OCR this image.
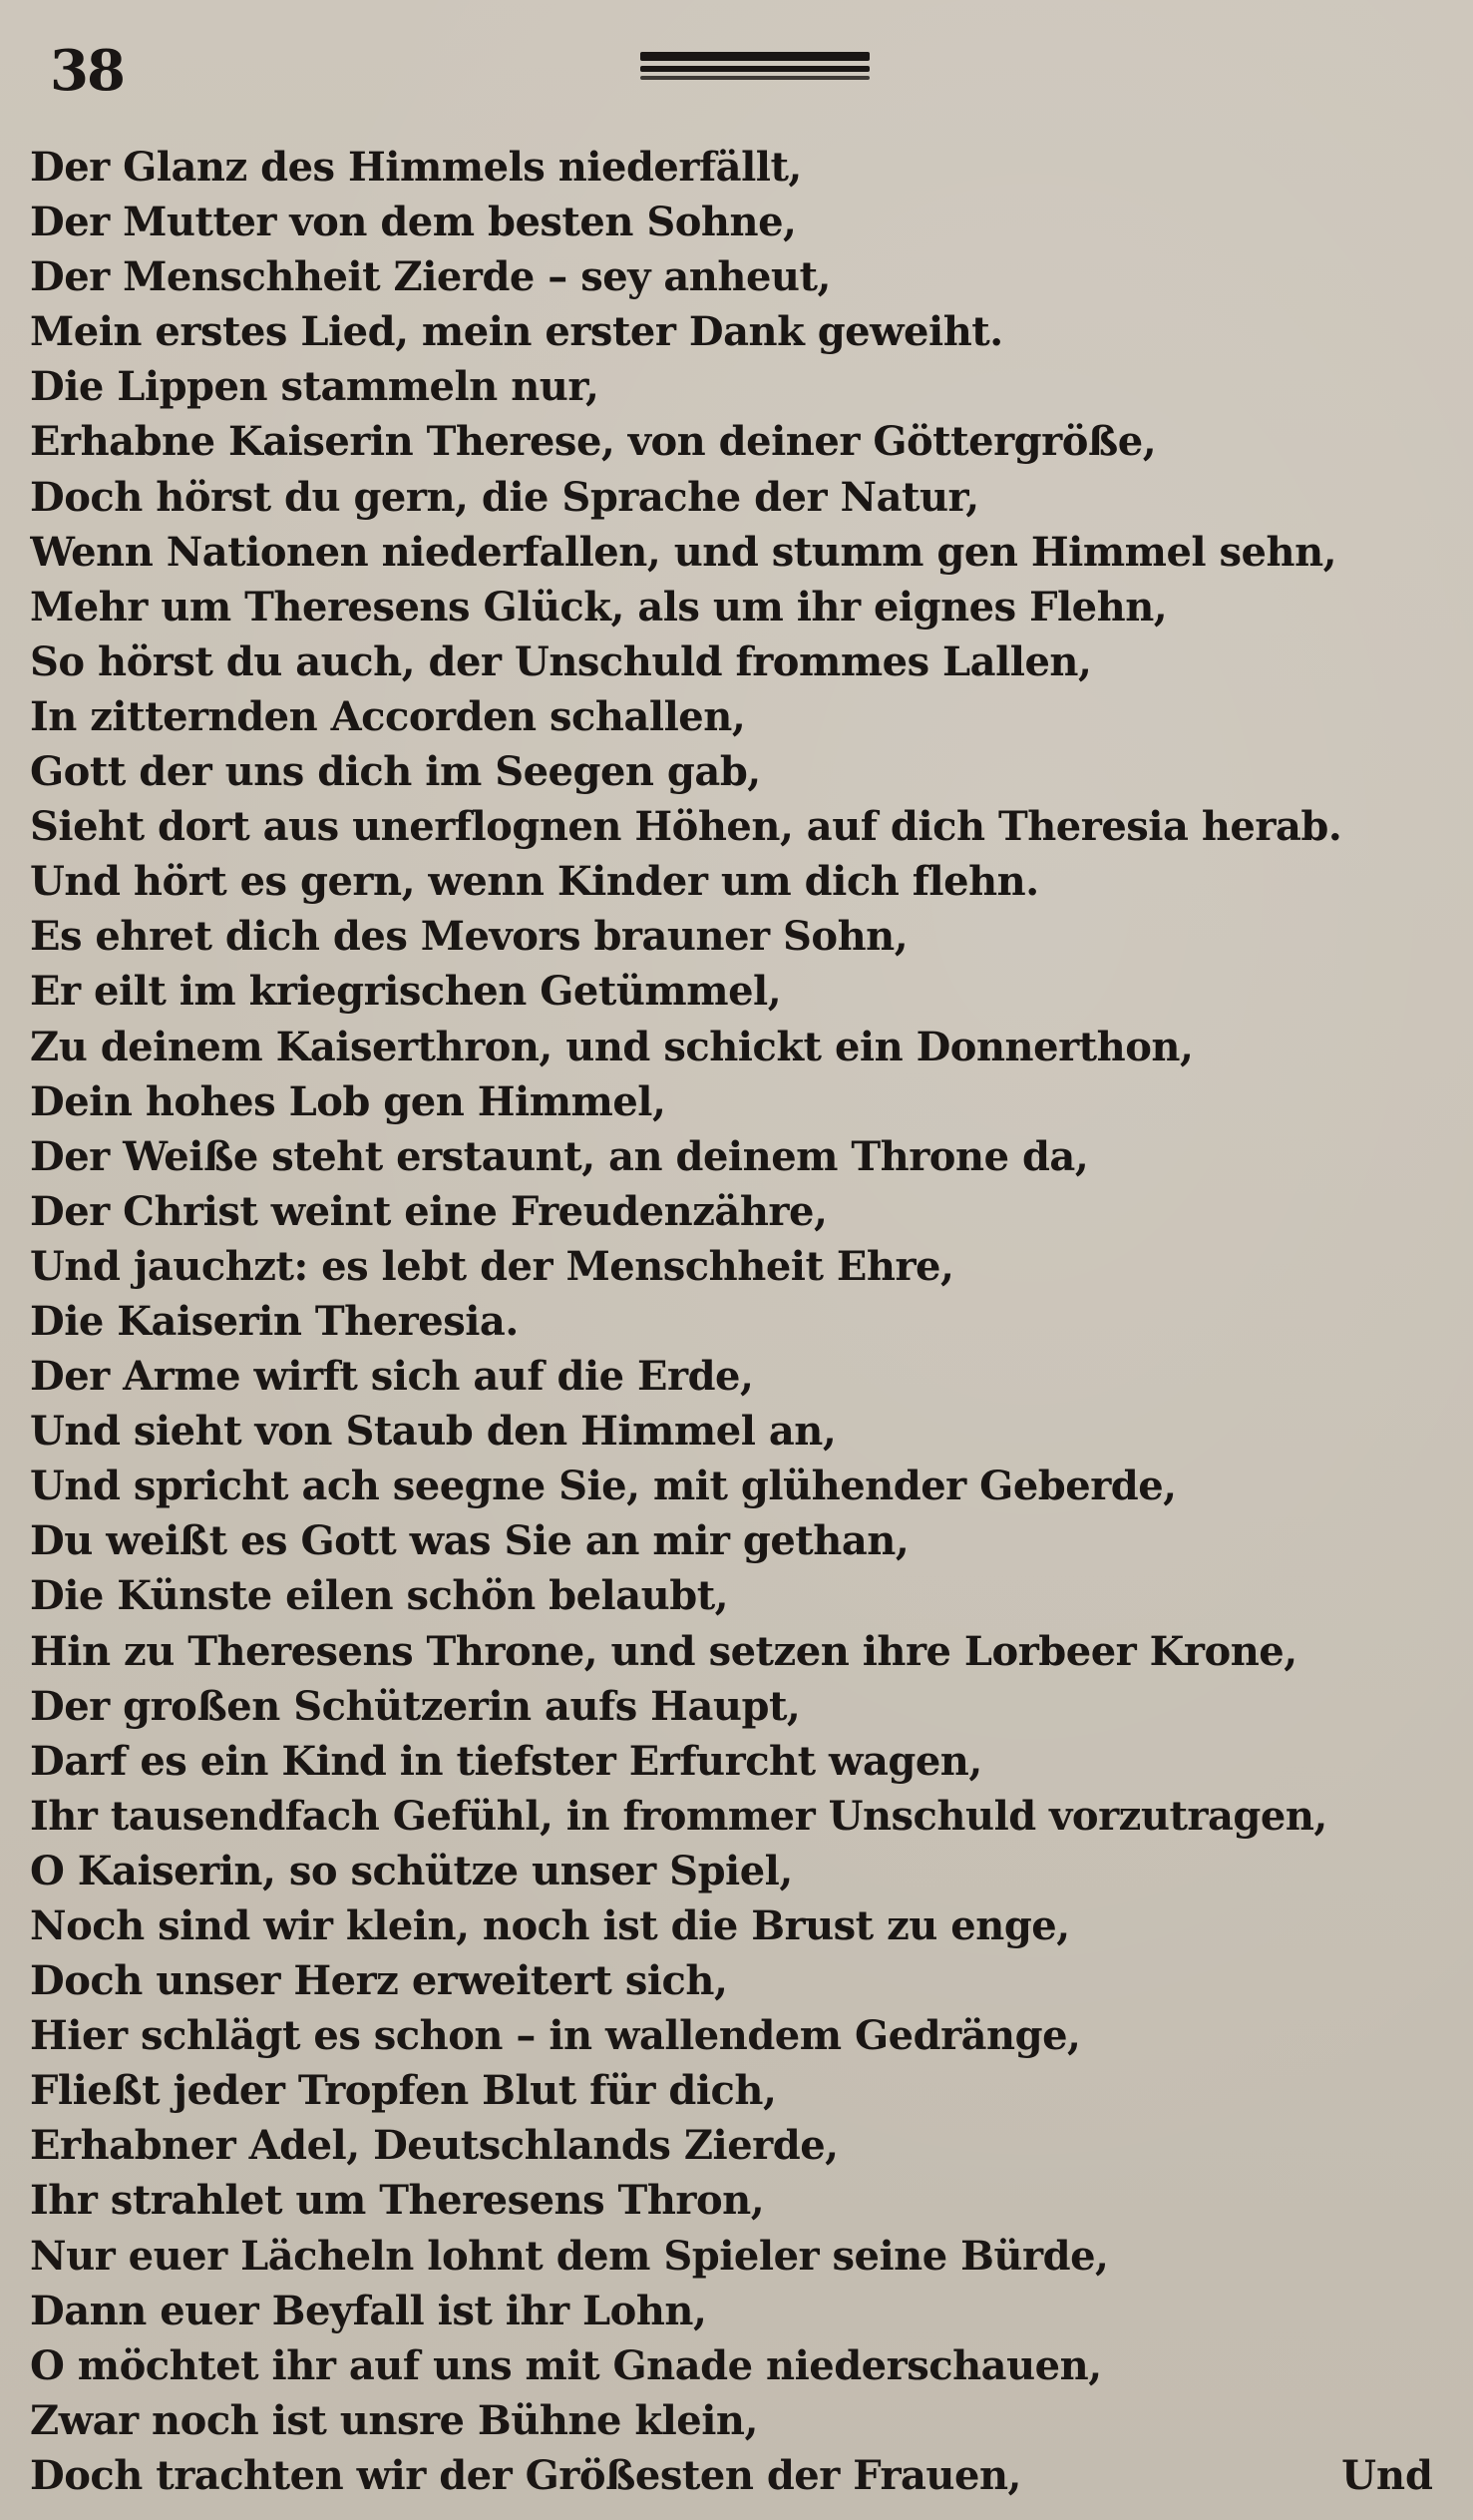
38
Der Glanz des Himmels niederfällt,
Der Mutter von dem besten Sohne,
Der Menschheit Zierde – sey anheut,
Mein erstes Lied, mein erster Dank geweiht.
Die Lippen stammeln nur,
Erhabne Kaiserin Therese, von deiner Göttergröße,
Doch hörst du gern, die Sprache der Natur,
Wenn Nationen niederfallen, und stumm gen Himmel sehn,
Mehr um Theresens Glück, als um ihr eignes Flehn,
So hörst du auch, der Unschuld frommes Lallen,
In zitternden Accorden schallen,
Gott der uns dich im Seegen gab,
Sieht dort aus unerflognen Höhen, auf dich Theresia herab.
Und hört es gern, wenn Kinder um dich flehn.
Es ehret dich des Mevors brauner Sohn,
Er eilt im kriegrischen Getümmel,
Zu deinem Kaiserthron, und schickt ein Donnerthon,
Dein hohes Lob gen Himmel,
Der Weiße steht erstaunt, an deinem Throne da,
Der Christ weint eine Freudenzähre,
Und jauchzt: es lebt der Menschheit Ehre,
Die Kaiserin Theresia.
Der Arme wirft sich auf die Erde,
Und sieht von Staub den Himmel an,
Und spricht ach seegne Sie, mit glühender Geberde,
Du weißt es Gott was Sie an mir gethan,
Die Künste eilen schön belaubt,
Hin zu Theresens Throne, und setzen ihre Lorbeer Krone,
Der großen Schützerin aufs Haupt,
Darf es ein Kind in tiefster Erfurcht wagen,
Ihr tausendfach Gefühl, in frommer Unschuld vorzutragen,
O Kaiserin, so schütze unser Spiel,
Noch sind wir klein, noch ist die Brust zu enge,
Doch unser Herz erweitert sich,
Hier schlägt es schon – in wallendem Gedränge,
Fließt jeder Tropfen Blut für dich,
Erhabner Adel, Deutschlands Zierde,
Ihr strahlet um Theresens Thron,
Nur euer Lächeln lohnt dem Spieler seine Bürde,
Dann euer Beyfall ist ihr Lohn,
O möchtet ihr auf uns mit Gnade niederschauen,
Zwar noch ist unsre Bühne klein,
Doch trachten wir der Größesten der Frauen,	Und
